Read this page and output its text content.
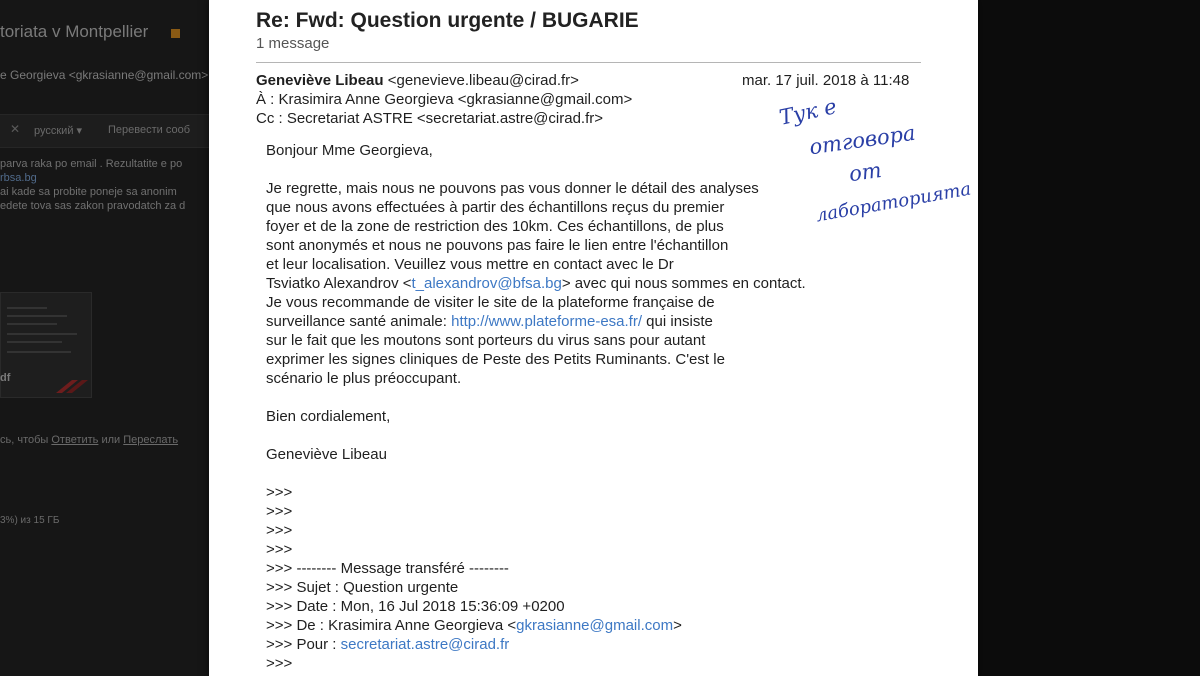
toriata v Montpellier
e Georgieva <gkrasianne@gmail.com>
✕ русский ▾ Перевести сооб
parva raka po email . Rezultatite e po
rbsa.bg
ai kade sa probite poneje sa anonim
edete tova sas zakon pravodatch za d
df
сь, чтобы Ответить или Переслать
3%) из 15 ГБ
Re: Fwd: Question urgente / BUGARIE
1 message
Geneviève Libeau <genevieve.libeau@cirad.fr>	mar. 17 juil. 2018 à 11:48
À : Krasimira Anne Georgieva <gkrasianne@gmail.com>
Cc : Secretariat ASTRE <secretariat.astre@cirad.fr>
Bonjour Mme Georgieva,
Je regrette, mais nous ne pouvons pas vous donner le détail des analyses
que nous avons effectuées à partir des échantillons reçus du premier
foyer et de la zone de restriction des 10km. Ces échantillons, de plus
sont anonymés et nous ne pouvons pas faire le lien entre l'échantillon
et leur localisation. Veuillez vous mettre en contact avec le Dr
Tsviatko Alexandrov <t_alexandrov@bfsa.bg> avec qui nous sommes en contact.
Je vous recommande de visiter le site de la plateforme française de
surveillance santé animale: http://www.plateforme-esa.fr/ qui insiste
sur le fait que les moutons sont porteurs du virus sans pour autant
exprimer les signes cliniques de Peste des Petits Ruminants. C'est le
scénario le plus préoccupant.
Bien cordialement,
Geneviève Libeau
>>>
>>>
>>>
>>>
>>> -------- Message transféré --------
>>> Sujet : Question urgente
>>> Date : Mon, 16 Jul 2018 15:36:09 +0200
>>> De : Krasimira Anne Georgieva <gkrasianne@gmail.com>
>>> Pour : secretariat.astre@cirad.fr
>>>
Тук е
отговора
от
лабораторията
